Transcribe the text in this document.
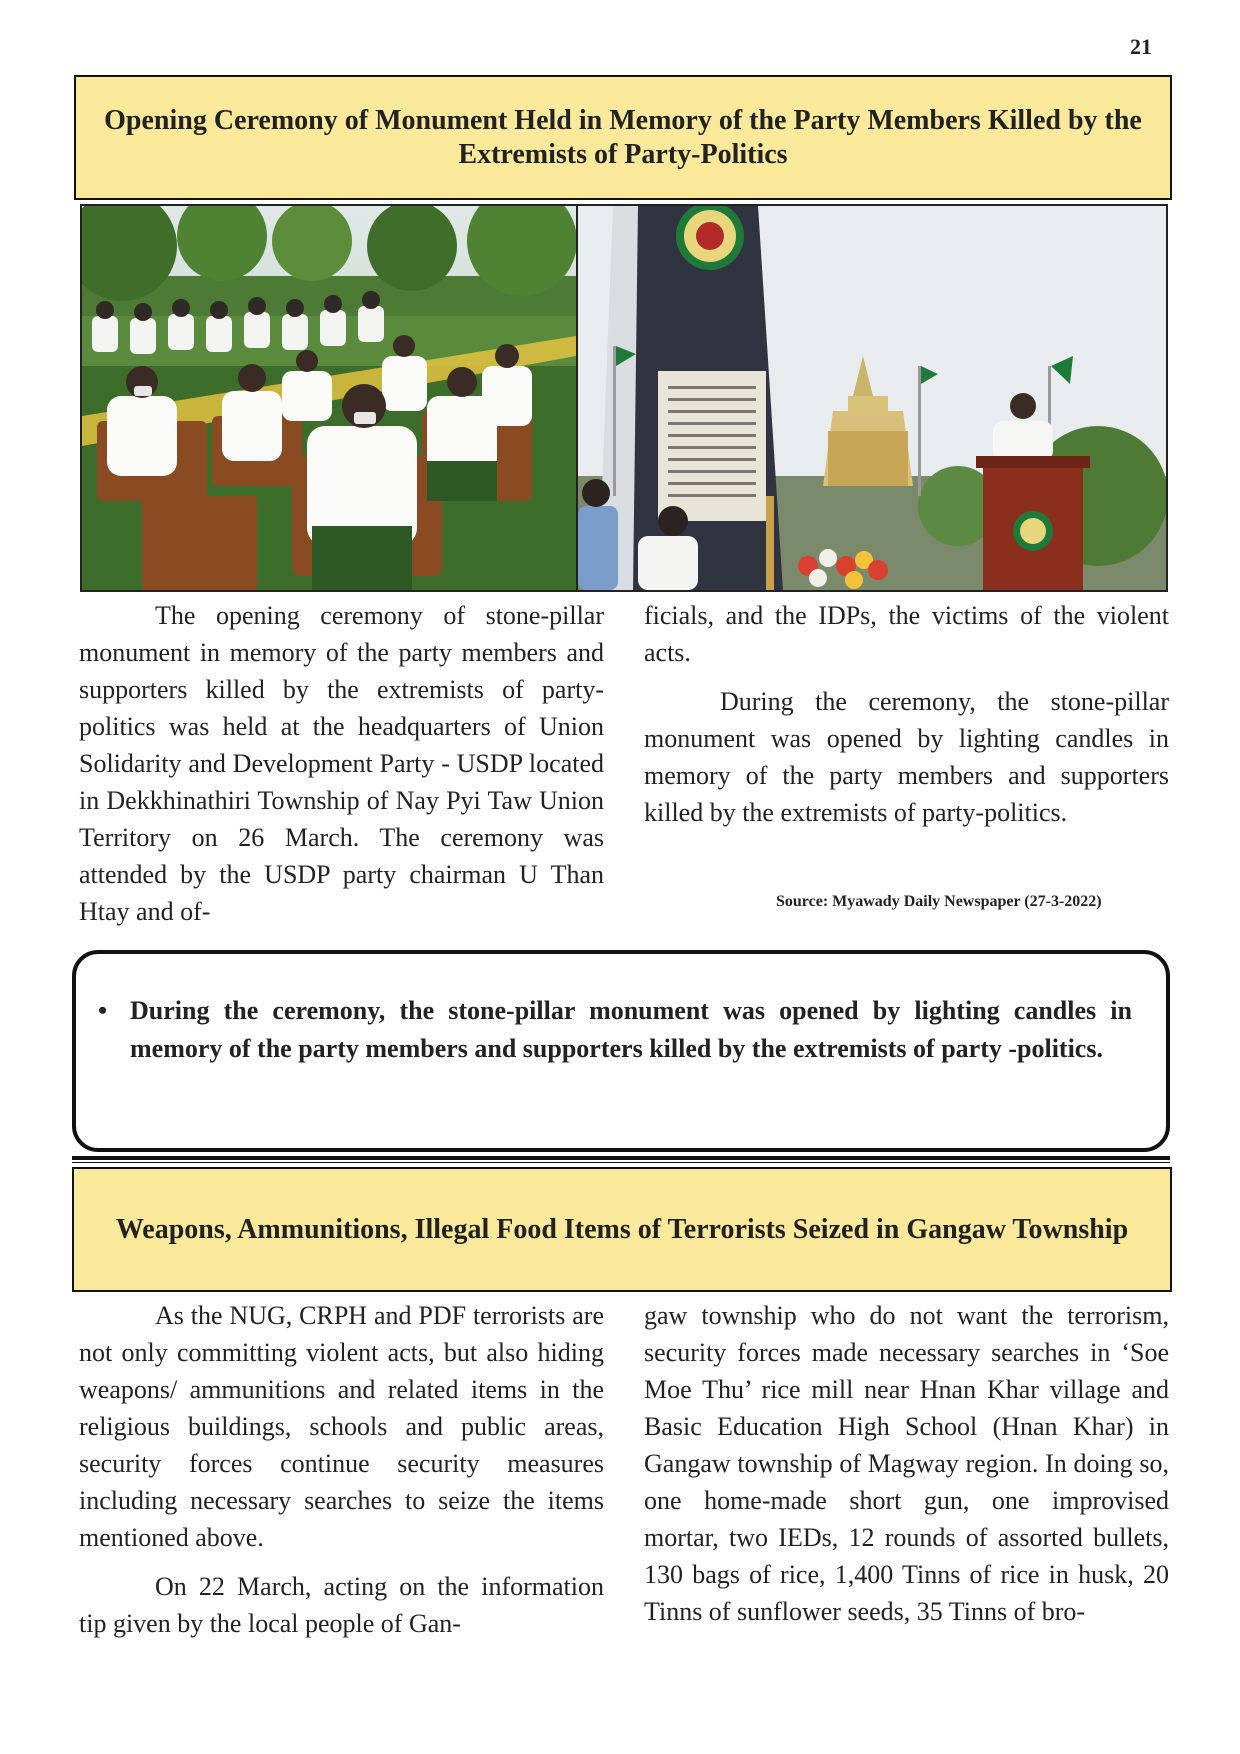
21
Opening Ceremony of Monument Held in Memory of the Party Members Killed by the Extremists of Party-Politics

The opening ceremony of stone-pillar monument in memory of the party members and supporters killed by the extremists of party-politics was held at the headquarters of Union Solidarity and Development Party - USDP located in Dekkhinathiri Township of Nay Pyi Taw Union Territory on 26 March. The ceremony was attended by the USDP party chairman U Than Htay and of-

ficials, and the IDPs, the victims of the violent acts.

During the ceremony, the stone-pillar monument was opened by lighting candles in memory of the party members and supporters killed by the extremists of party-politics.

Source: Myawady Daily Newspaper (27-3-2022)
• During the ceremony, the stone-pillar monument was opened by lighting candles in memory of the party members and supporters killed by the extremists of party -politics.
Weapons, Ammunitions, Illegal Food Items of Terrorists Seized in Gangaw Township

As the NUG, CRPH and PDF terrorists are not only committing violent acts, but also hiding weapons/ ammunitions and related items in the religious buildings, schools and public areas, security forces continue security measures including necessary searches to seize the items mentioned above.

On 22 March, acting on the information tip given by the local people of Gan-

gaw township who do not want the terrorism, security forces made necessary searches in ‘Soe Moe Thu’ rice mill near Hnan Khar village and Basic Education High School (Hnan Khar) in Gangaw township of Magway region. In doing so, one home-made short gun, one improvised mortar, two IEDs, 12 rounds of assorted bullets, 130 bags of rice, 1,400 Tinns of rice in husk, 20 Tinns of sunflower seeds, 35 Tinns of bro-
